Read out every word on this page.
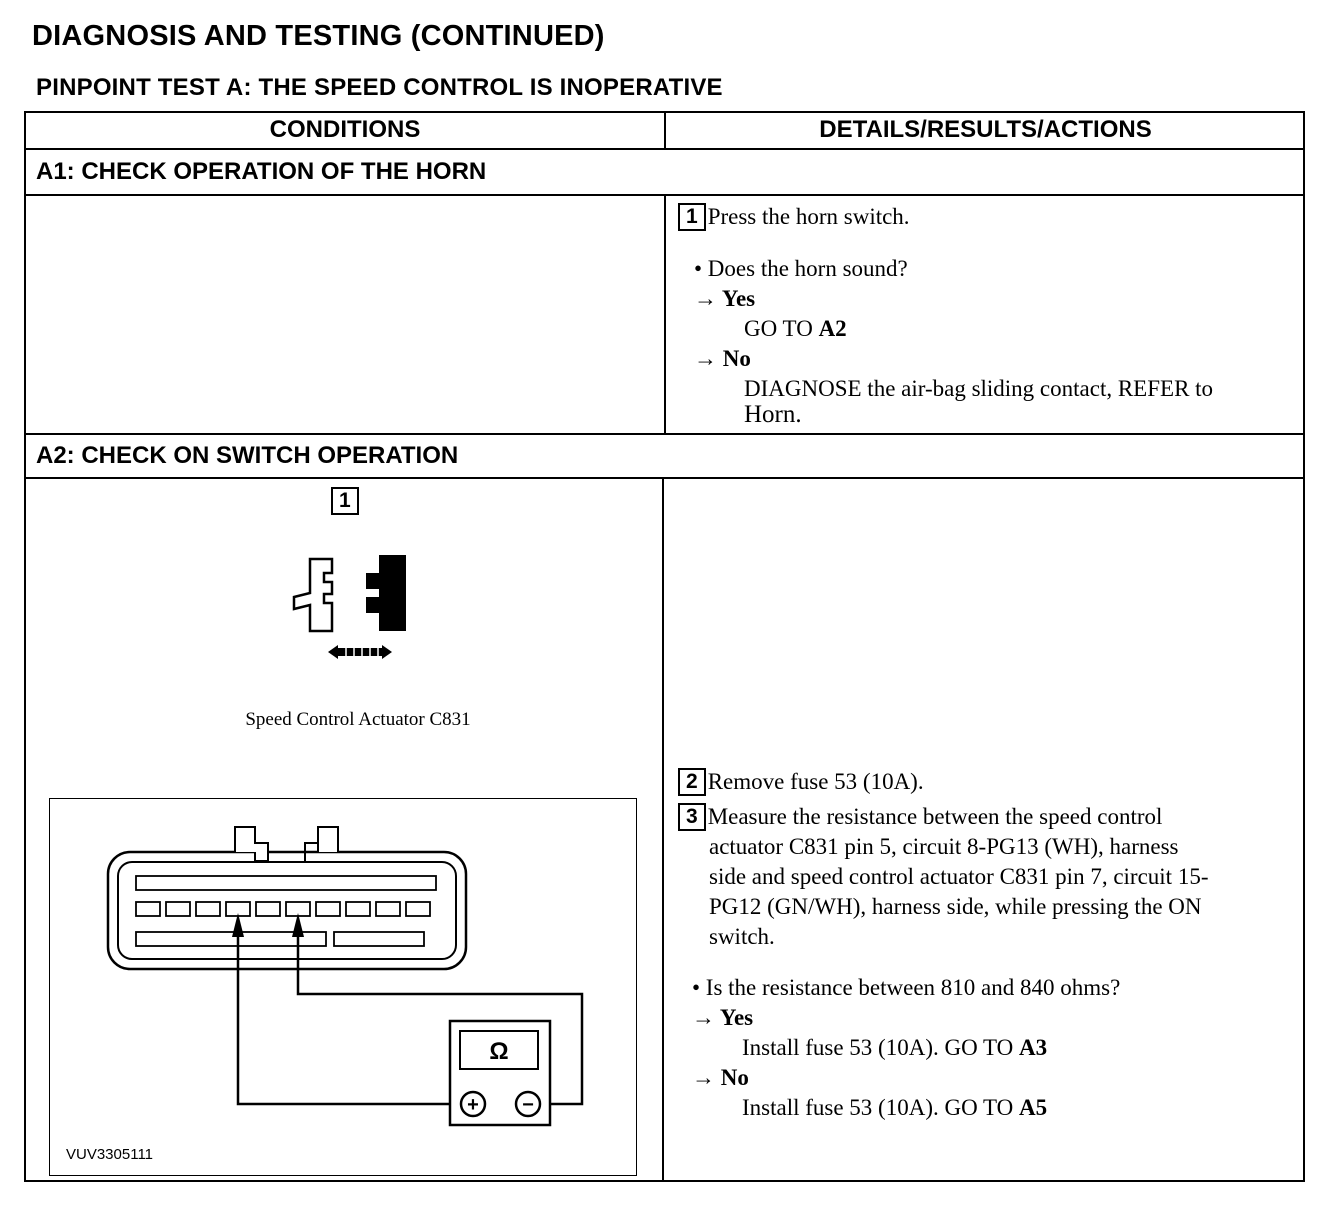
DIAGNOSIS AND TESTING (CONTINUED)
PINPOINT TEST A: THE SPEED CONTROL IS INOPERATIVE
CONDITIONS	DETAILS/RESULTS/ACTIONS
A1: CHECK OPERATION OF THE HORN
1 Press the horn switch.
• Does the horn sound?
→ Yes
GO TO A2
→ No
DIAGNOSE the air-bag sliding contact, REFER to
Horn.
A2: CHECK ON SWITCH OPERATION
1
Speed Control Actuator C831
Ω
+ −
VUV3305111
2 Remove fuse 53 (10A).
3 Measure the resistance between the speed control
actuator C831 pin 5, circuit 8-PG13 (WH), harness
side and speed control actuator C831 pin 7, circuit 15-
PG12 (GN/WH), harness side, while pressing the ON
switch.
• Is the resistance between 810 and 840 ohms?
→ Yes
Install fuse 53 (10A). GO TO A3
→ No
Install fuse 53 (10A). GO TO A5
